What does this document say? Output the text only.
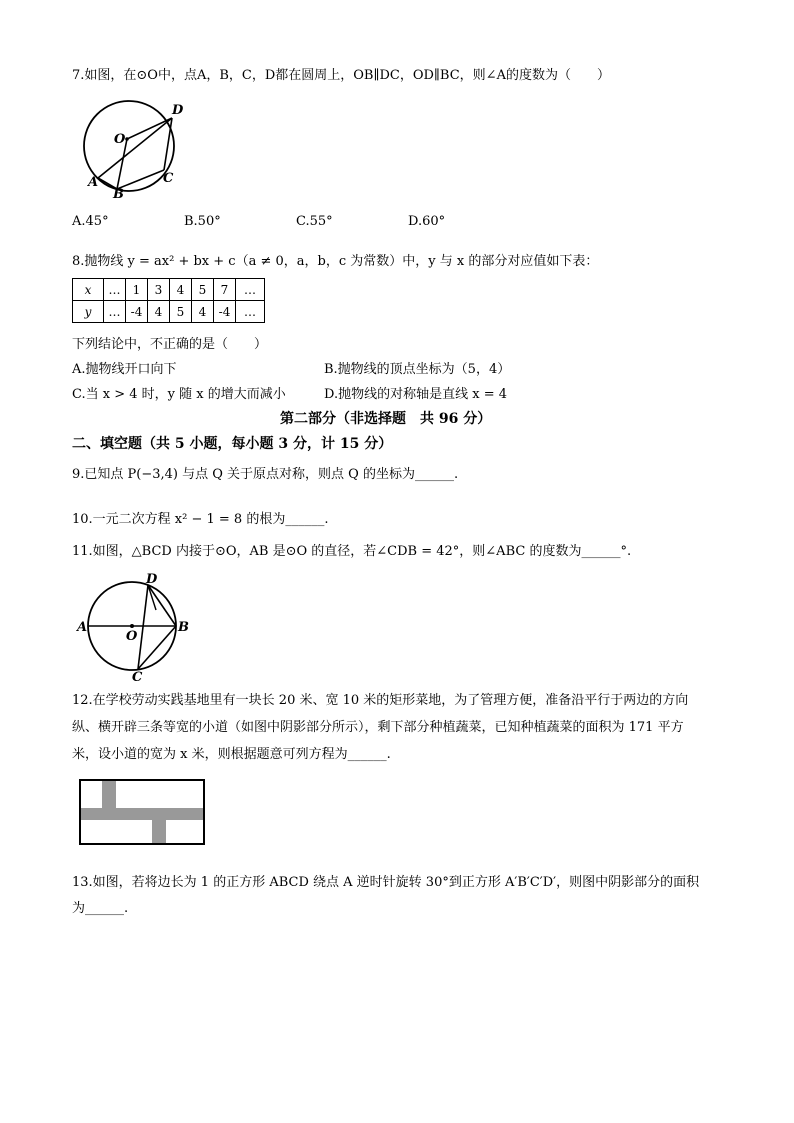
7.如图，在⊙O中，点A，B，C，D都在圆周上，OB∥DC，OD∥BC，则∠A的度数为（　　）
O
D
A
B
C
A.45°	B.50°	C.55°	D.60°
8.抛物线 y = ax² + bx + c（a ≠ 0，a，b，c 为常数）中，y 与 x 的部分对应值如下表：
x	…	1	3	4	5	7	…
y	…	-4	4	5	4	-4	…
下列结论中，不正确的是（　　）
A.抛物线开口向下	B.抛物线的顶点坐标为（5，4）
C.当 x > 4 时，y 随 x 的增大而减小	D.抛物线的对称轴是直线 x = 4
第二部分（非选择题　共 96 分）
二、填空题（共 5 小题，每小题 3 分，计 15 分）
9.已知点 P(−3,4) 与点 Q 关于原点对称，则点 Q 的坐标为______.
10.一元二次方程 x² − 1 = 8 的根为______.
11.如图，△BCD 内接于⊙O，AB 是⊙O 的直径，若∠CDB = 42°，则∠ABC 的度数为______°.
A
O
B
C
D
12.在学校劳动实践基地里有一块长 20 米、宽 10 米的矩形菜地，为了管理方便，准备沿平行于两边的方向
纵、横开辟三条等宽的小道（如图中阴影部分所示），剩下部分种植蔬菜，已知种植蔬菜的面积为 171 平方
米，设小道的宽为 x 米，则根据题意可列方程为______.
13.如图，若将边长为 1 的正方形 ABCD 绕点 A 逆时针旋转 30°到正方形 A′B′C′D′，则图中阴影部分的面积
为______.
